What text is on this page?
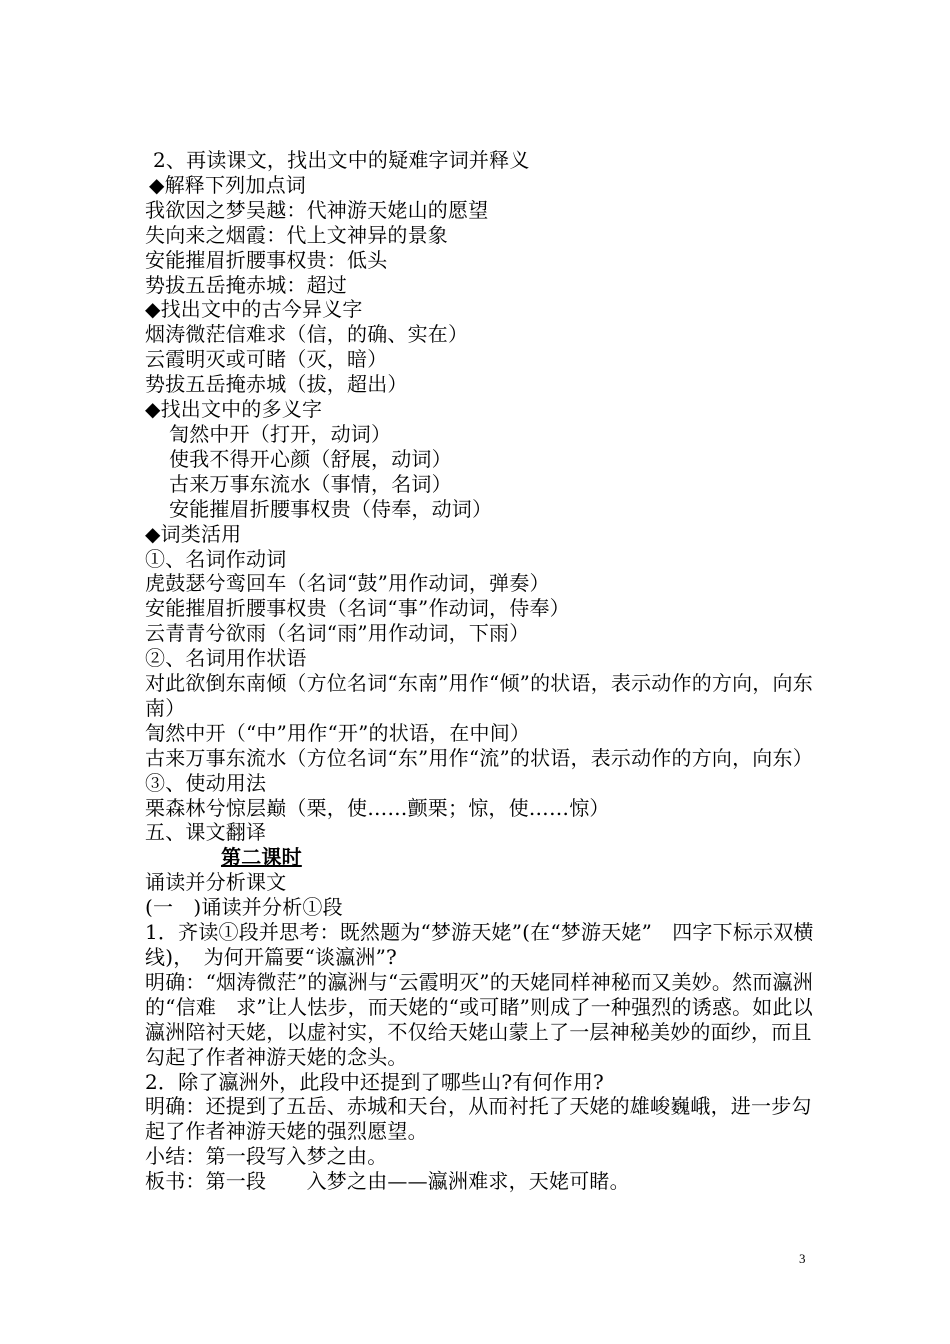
2、再读课文，找出文中的疑难字词并释义
◆解释下列加点词
我欲因之梦吴越：代神游天姥山的愿望
失向来之烟霞：代上文神异的景象
安能摧眉折腰事权贵：低头
势拔五岳掩赤城：超过
◆找出文中的古今异义字
烟涛微茫信难求（信，的确、实在）
云霞明灭或可睹（灭，暗）
势拔五岳掩赤城（拔，超出）
◆找出文中的多义字
訇然中开（打开，动词）
使我不得开心颜（舒展，动词）
古来万事东流水（事情，名词）
安能摧眉折腰事权贵（侍奉，动词）
◆词类活用
①、名词作动词
虎鼓瑟兮鸾回车（名词“鼓”用作动词，弹奏）
安能摧眉折腰事权贵（名词“事”作动词，侍奉）
云青青兮欲雨（名词“雨”用作动词，下雨）
②、名词用作状语
对此欲倒东南倾（方位名词“东南”用作“倾”的状语，表示动作的方向，向东南）
訇然中开（“中”用作“开”的状语，在中间）
古来万事东流水（方位名词“东”用作“流”的状语，表示动作的方向，向东）
③、使动用法
栗森林兮惊层巅（栗，使……颤栗；惊，使……惊）
五、课文翻译
第二课时
诵读并分析课文
(一　)诵读并分析①段
1．齐读①段并思考：既然题为“梦游天姥”(在“梦游天姥”　四字下标示双横线)，　为何开篇要“谈瀛洲”?
明确：“烟涛微茫”的瀛洲与“云霞明灭”的天姥同样神秘而又美妙。然而瀛洲的“信难　求”让人怯步，而天姥的“或可睹”则成了一种强烈的诱惑。如此以瀛洲陪衬天姥，以虚衬实，不仅给天姥山蒙上了一层神秘美妙的面纱，而且勾起了作者神游天姥的念头。
2．除了瀛洲外，此段中还提到了哪些山?有何作用?
明确：还提到了五岳、赤城和天台，从而衬托了天姥的雄峻巍峨，进一步勾起了作者神游天姥的强烈愿望。
小结：第一段写入梦之由。
板书：第一段　　入梦之由——瀛洲难求，天姥可睹。
3
